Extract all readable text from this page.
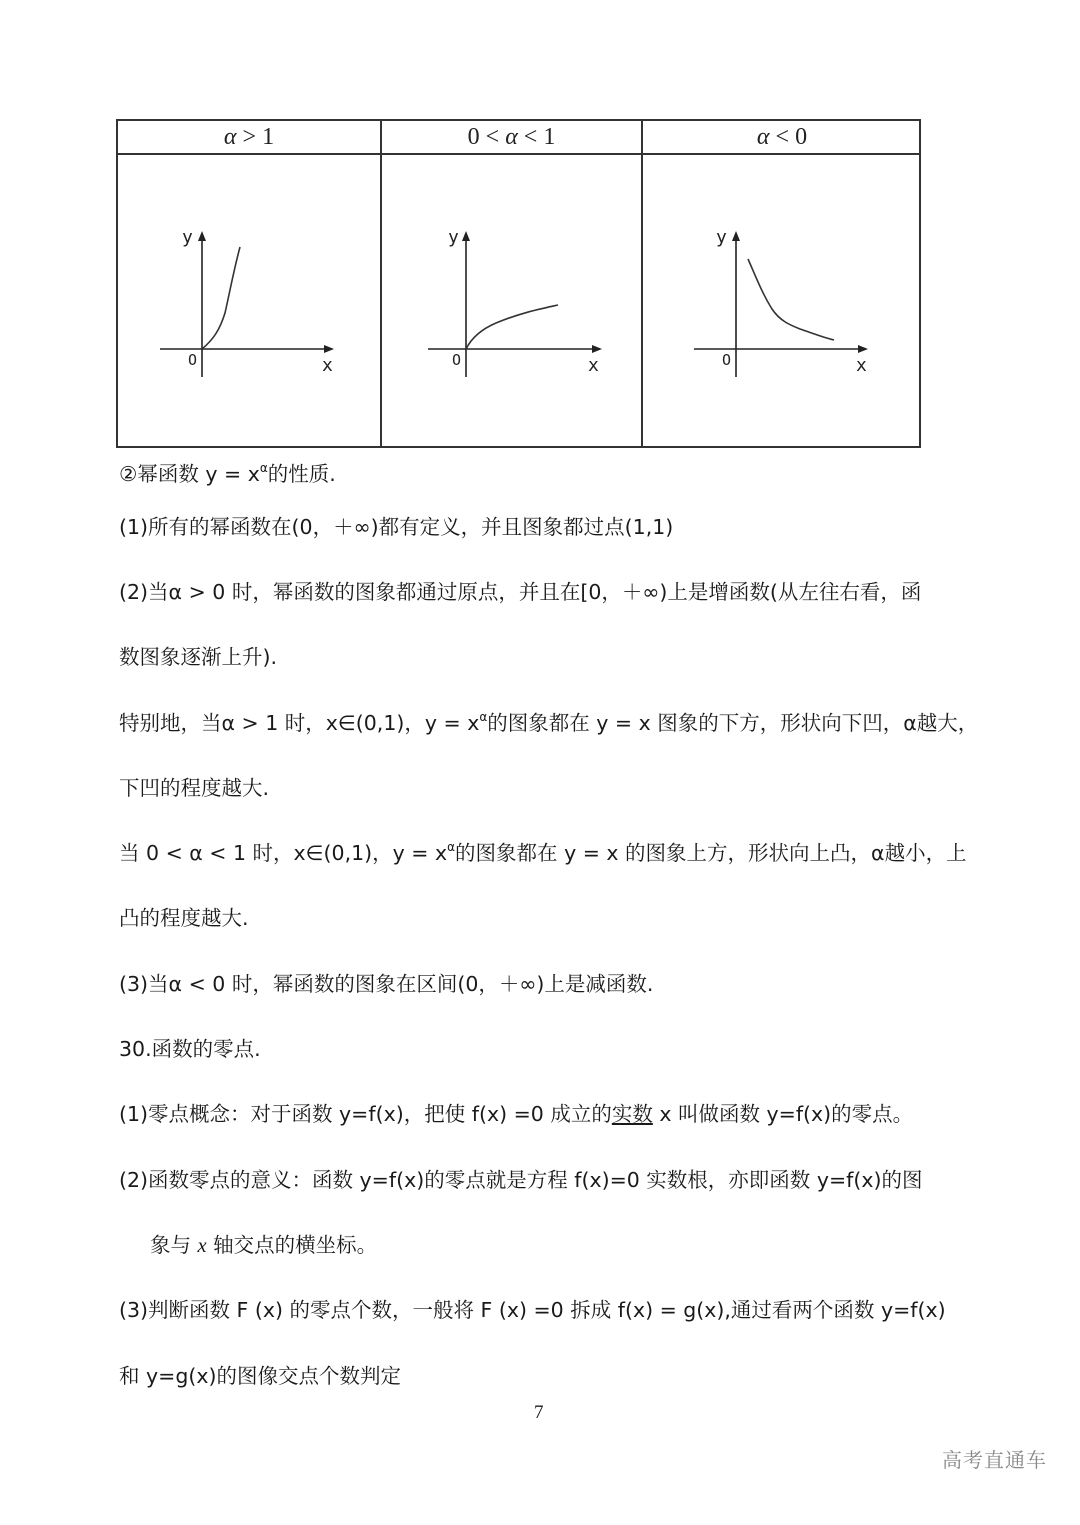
α > 1	0 < α < 1	α < 0
y
x
O
y
x
O
y
x
O
②幂函数 $y = x^\alpha$的性质.
(1)所有的幂函数在(0，＋∞)都有定义，并且图象都过点(1,1)
(2)当α > 0 时，幂函数的图象都通过原点，并且在[0，＋∞)上是增函数(从左往右看，函
数图象逐渐上升).
特别地，当α > 1 时，x∈(0,1)，$y = x^\alpha$的图象都在 y = x 图象的下方，形状向下凹，α越大，
下凹的程度越大.
当 0 < α < 1 时，x∈(0,1)，$y = x^\alpha$的图象都在 y = x 的图象上方，形状向上凸，α越小，上
凸的程度越大.
(3)当α < 0 时，幂函数的图象在区间(0，＋∞)上是减函数.
30.函数的零点.
(1)零点概念：对于函数 y=f(x)，把使 f(x) =0 成立的实数 x 叫做函数 y=f(x)的零点。
(2)函数零点的意义：函数 y=f(x)的零点就是方程 f(x)=0 实数根，亦即函数 y=f(x)的图
象与 x 轴交点的横坐标。
(3)判断函数 F (x) 的零点个数，一般将 F (x) =0 拆成 f(x) = g(x),通过看两个函数 y=f(x)
和 y=g(x)的图像交点个数判定
7
高考直通车
